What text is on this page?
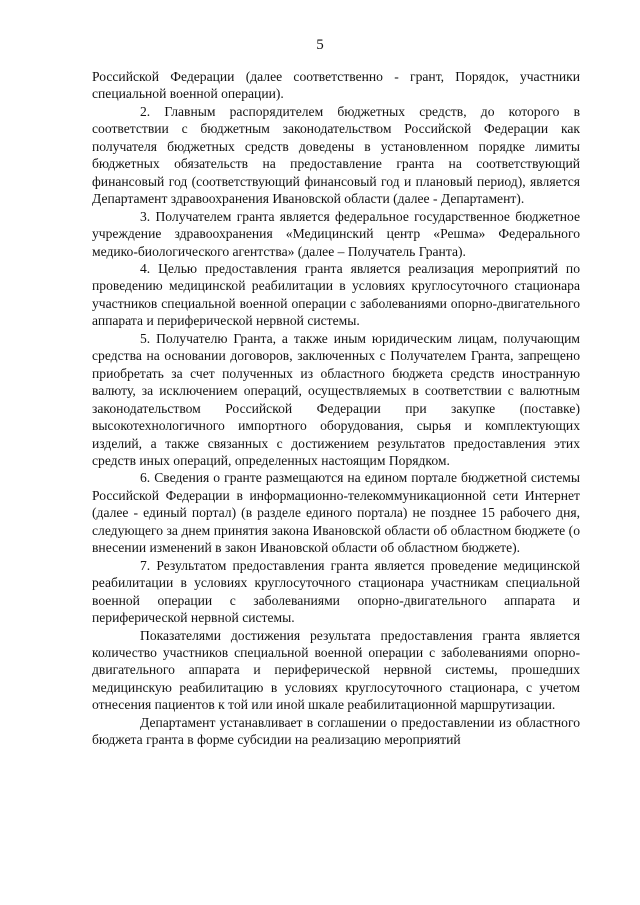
5

Российской Федерации (далее соответственно - грант, Порядок, участники специальной военной операции).

2. Главным распорядителем бюджетных средств, до которого в соответствии с бюджетным законодательством Российской Федерации как получателя бюджетных средств доведены в установленном порядке лимиты бюджетных обязательств на предоставление гранта на соответствующий финансовый год (соответствующий финансовый год и плановый период), является Департамент здравоохранения Ивановской области (далее - Департамент).

3. Получателем гранта является федеральное государственное бюджетное учреждение здравоохранения «Медицинский центр «Решма» Федерального медико-биологического агентства» (далее – Получатель Гранта).

4. Целью предоставления гранта является реализация мероприятий по проведению медицинской реабилитации в условиях круглосуточного стационара участников специальной военной операции с заболеваниями опорно-двигательного аппарата и периферической нервной системы.

5. Получателю Гранта, а также иным юридическим лицам, получающим средства на основании договоров, заключенных с Получателем Гранта, запрещено приобретать за счет полученных из областного бюджета средств иностранную валюту, за исключением операций, осуществляемых в соответствии с валютным законодательством Российской Федерации при закупке (поставке) высокотехнологичного импортного оборудования, сырья и комплектующих изделий, а также связанных с достижением результатов предоставления этих средств иных операций, определенных настоящим Порядком.

6. Сведения о гранте размещаются на едином портале бюджетной системы Российской Федерации в информационно-телекоммуникационной сети Интернет (далее - единый портал) (в разделе единого портала) не позднее 15 рабочего дня, следующего за днем принятия закона Ивановской области об областном бюджете (о внесении изменений в закон Ивановской области об областном бюджете).

7. Результатом предоставления гранта является проведение медицинской реабилитации в условиях круглосуточного стационара участникам специальной военной операции с заболеваниями опорно-двигательного аппарата и периферической нервной системы.

Показателями достижения результата предоставления гранта является количество участников специальной военной операции с заболеваниями опорно-двигательного аппарата и периферической нервной системы, прошедших медицинскую реабилитацию в условиях круглосуточного стационара, с учетом отнесения пациентов к той или иной шкале реабилитационной маршрутизации.

Департамент устанавливает в соглашении о предоставлении из областного бюджета гранта в форме субсидии на реализацию мероприятий
